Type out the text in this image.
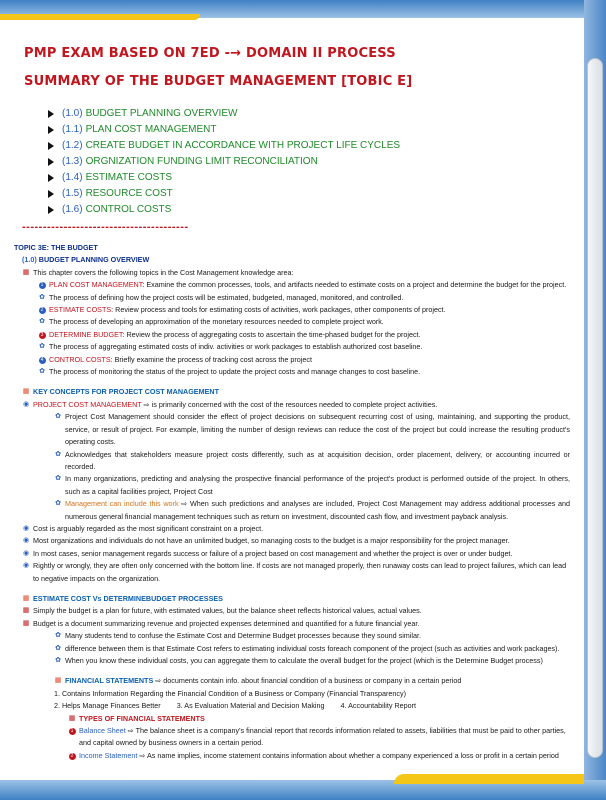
PMP EXAM BASED ON 7ED -→ DOMAIN II PROCESS
SUMMARY OF THE BUDGET MANAGEMENT [TOBIC E]
(1.0) BUDGET PLANNING OVERVIEW
(1.1) PLAN COST MANAGEMENT
(1.2) CREATE BUDGET IN ACCORDANCE WITH PROJECT LIFE CYCLES
(1.3) ORGNIZATION FUNDING LIMIT RECONCILIATION
(1.4) ESTIMATE COSTS
(1.5) RESOURCE COST
(1.6) CONTROL COSTS
----------------------------------------
TOPIC 3E: THE BUDGET
(1.0) BUDGET PLANNING OVERVIEW
▦ This chapter covers the following topics in the Cost Management knowledge area:
1 PLAN COST MANAGEMENT: Examine the common processes, tools, and artifacts needed to estimate costs on a project and determine the budget for the project.
✿ The process of defining how the project costs will be estimated, budgeted, managed, monitored, and controlled.
2 ESTIMATE COSTS: Review process and tools for estimating costs of activities, work packages, other components of project.
✿ The process of developing an approximation of the monetary resources needed to complete project work.
3 DETERMINE BUDGET: Review the process of aggregating costs to ascertain the time-phased budget for the project.
✿ The process of aggregating estimated costs of indiv. activities or work packages to establish authorized cost baseline.
4 CONTROL COSTS: Briefly examine the process of tracking cost across the project
✿ The process of monitoring the status of the project to update the project costs and manage changes to cost baseline.
▦ KEY CONCEPTS FOR PROJECT COST MANAGEMENT
◉ PROJECT COST MANAGEMENT ⇨ is primarily concerned with the cost of the resources needed to complete project activities.
✿ Project Cost Management should consider the effect of project decisions on subsequent recurring cost of using, maintaining, and supporting the product, service, or result of project. For example, limiting the number of design reviews can reduce the cost of the project but could increase the resulting product's operating costs.
✿ Acknowledges that stakeholders measure project costs differently, such as at acquisition decision, order placement, delivery, or accounting incurred or recorded.
✿ In many organizations, predicting and analysing the prospective financial performance of the project's product is performed outside of the project. In others, such as a capital facilities project, Project Cost
✿ Management can include this work ⇨ When such predictions and analyses are included, Project Cost Management may address additional processes and numerous general financial management techniques such as return on investment, discounted cash flow, and investment payback analysis.
◉ Cost is arguably regarded as the most significant constraint on a project.
◉ Most organizations and individuals do not have an unlimited budget, so managing costs to the budget is a major responsibility for the project manager.
◉ In most cases, senior management regards success or failure of a project based on cost management and whether the project is over or under budget.
◉ Rightly or wrongly, they are often only concerned with the bottom line. If costs are not managed properly, then runaway costs can lead to project failures, which can lead to negative impacts on the organization.
▦ ESTIMATE COST Vs DETERMINEBUDGET PROCESSES
▦ Simply the budget is a plan for future, with estimated values, but the balance sheet reflects historical values, actual values.
▦ Budget is a document summarizing revenue and projected expenses determined and quantified for a future financial year.
✿ Many students tend to confuse the Estimate Cost and Determine Budget processes because they sound similar.
✿ difference between them is that Estimate Cost refers to estimating individual costs foreach component of the project (such as activities and work packages).
✿ When you know these individual costs, you can aggregate them to calculate the overall budget for the project (which is the Determine Budget process)
▦ FINANCIAL STATEMENTS ⇨ documents contain info. about financial condition of a business or company in a certain period
1. Contains Information Regarding the Financial Condition of a Business or Company (Financial Transparency)
2. Helps Manage Finances Better 3. As Evaluation Material and Decision Making 4. Accountability Report
▦ TYPES OF FINANCIAL STATEMENTS
1 Balance Sheet ⇨ The balance sheet is a company's financial report that records information related to assets, liabilities that must be paid to other parties, and capital owned by business owners in a certain period.
2 Income Statement ⇨ As name implies, income statement contains information about whether a company experienced a loss or profit in a certain period
